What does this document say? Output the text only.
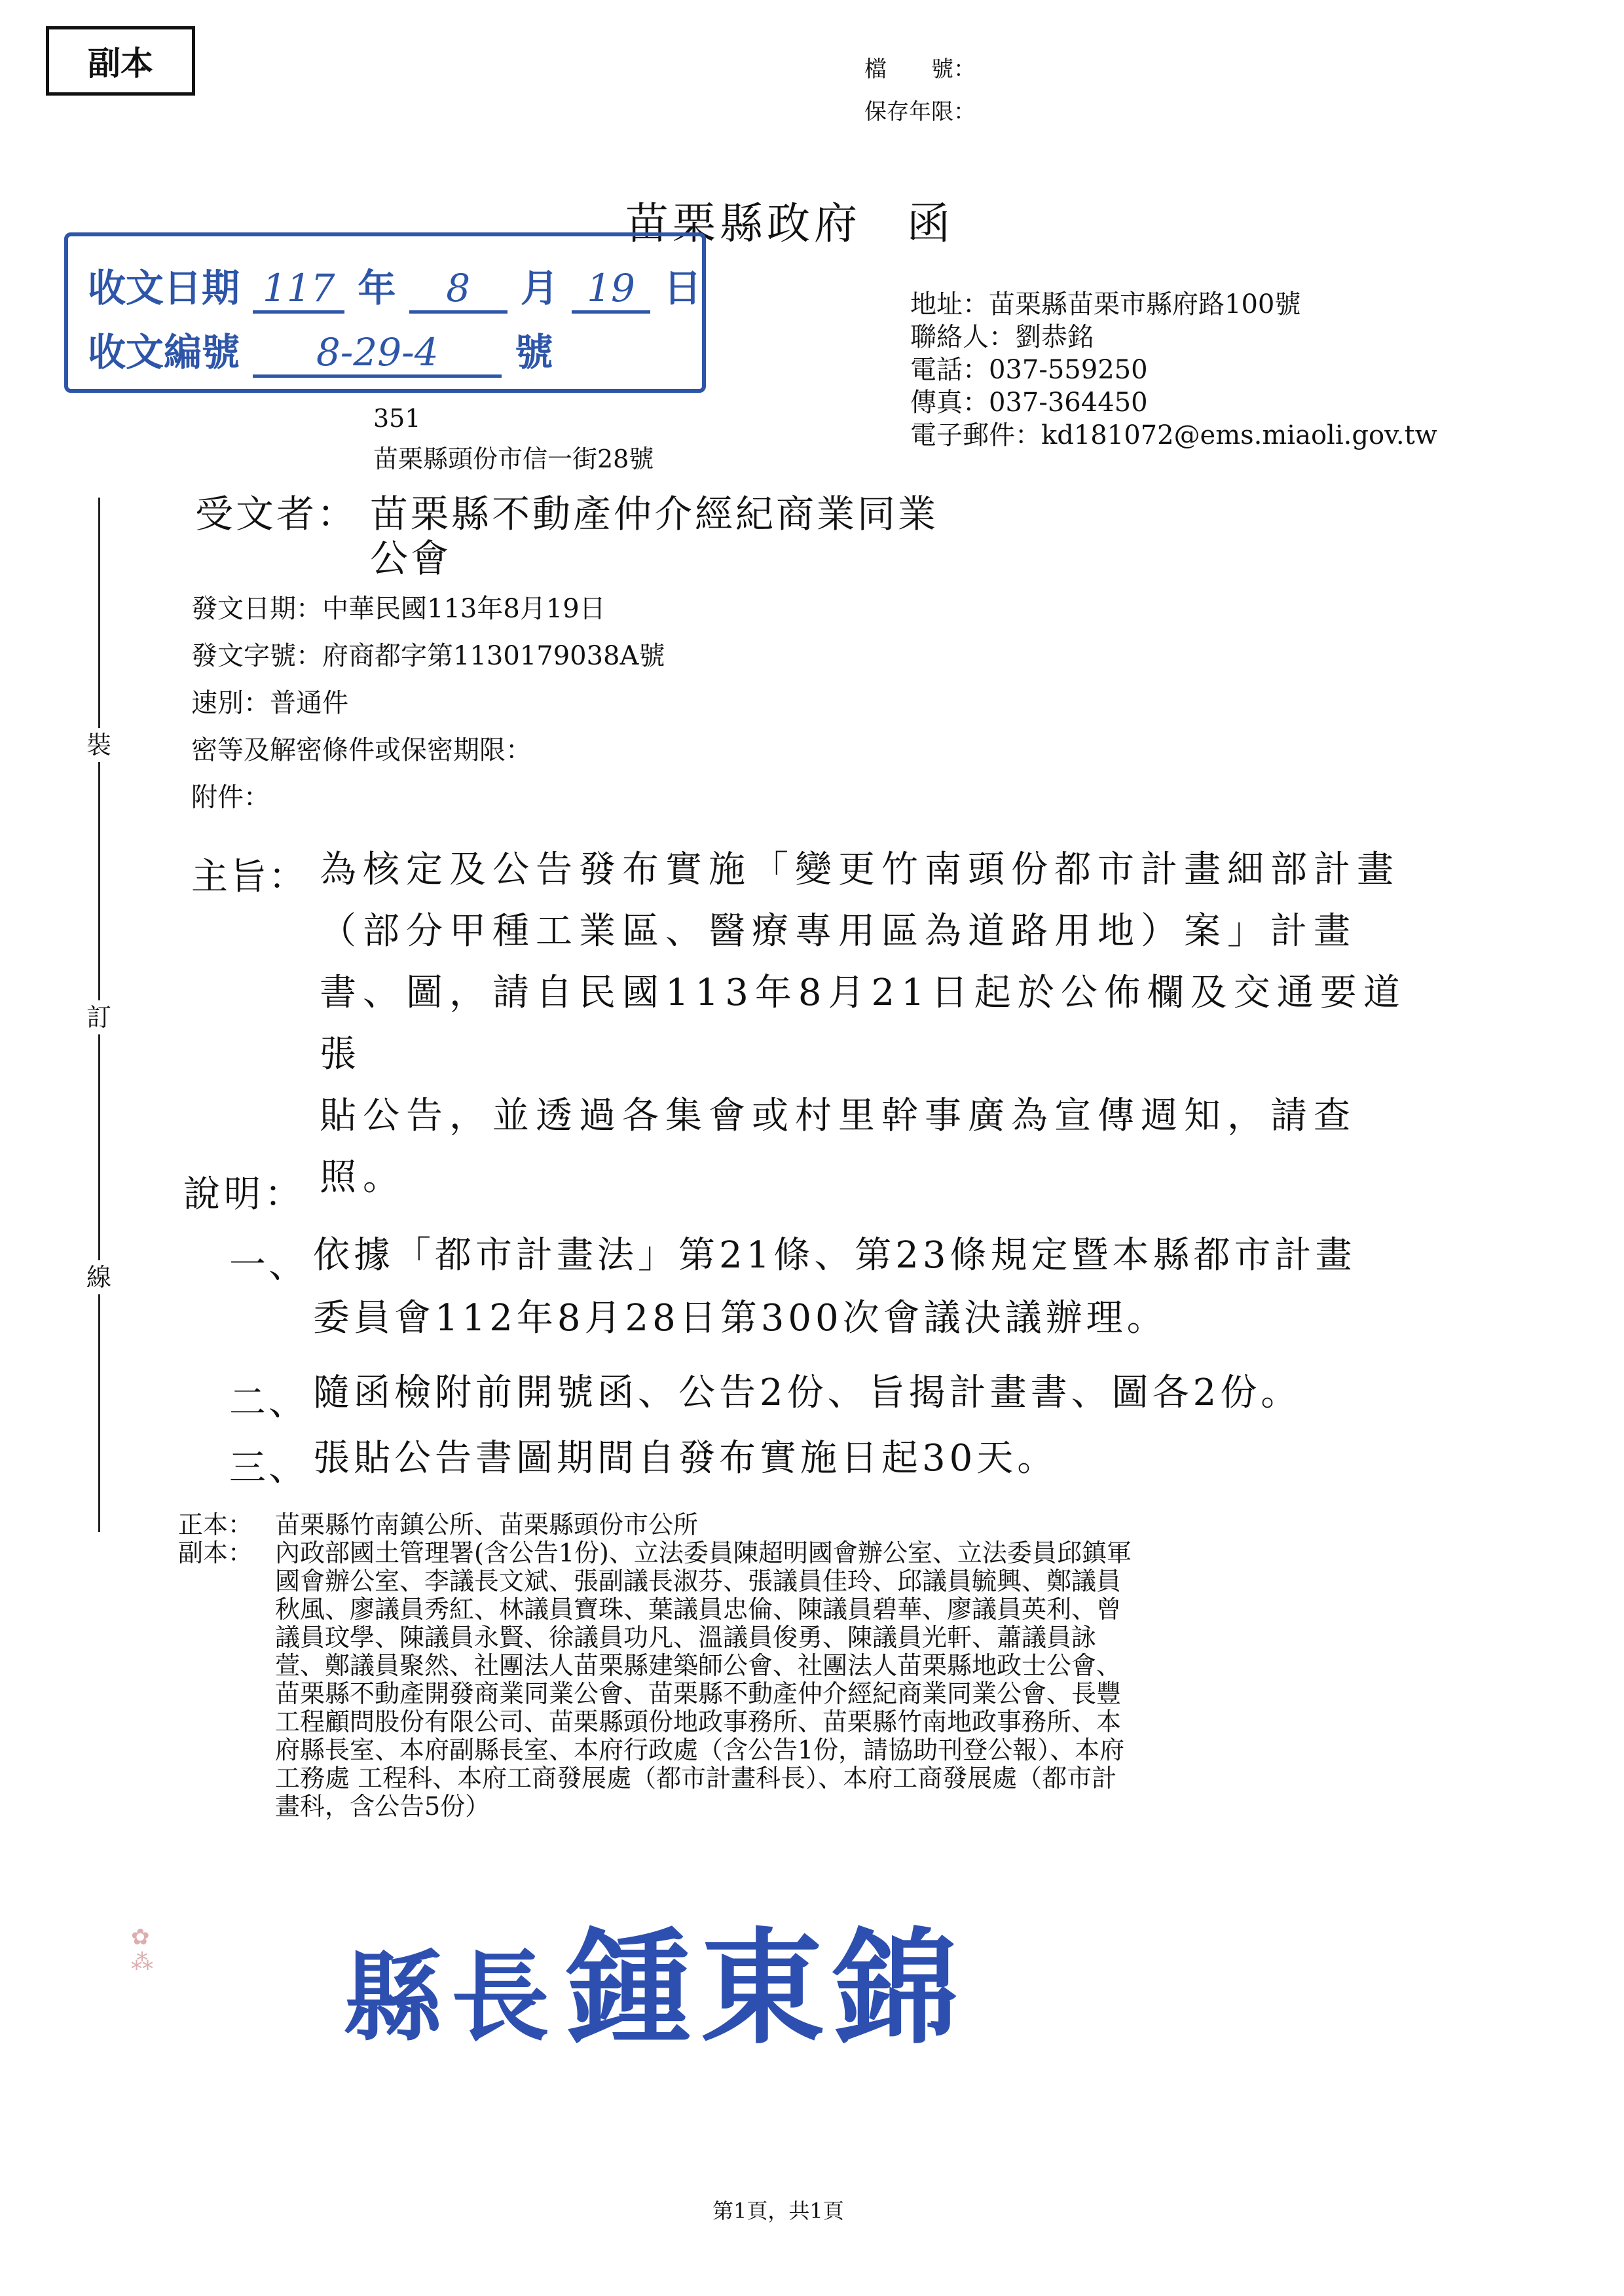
副本	檔　　號：
保存年限：
苗栗縣政府 函
收文日期 117 年 8 月 19 日
收文編號 8-29-4 號
地址：苗栗縣苗栗市縣府路100號
聯絡人：劉恭銘
電話：037-559250
傳真：037-364450
電子郵件：kd181072@ems.miaoli.gov.tw
351
苗栗縣頭份市信一街28號
受文者： 苗栗縣不動產仲介經紀商業同業
公會
發文日期：中華民國113年8月19日
發文字號：府商都字第1130179038A號
速別：普通件
密等及解密條件或保密期限：
附件：
裝
訂
線
主旨： 為核定及公告發布實施「變更竹南頭份都市計畫細部計畫
（部分甲種工業區、醫療專用區為道路用地）案」計畫
書、圖，請自民國113年8月21日起於公佈欄及交通要道張
貼公告，並透過各集會或村里幹事廣為宣傳週知，請查
照。
說明：
一、 依據「都市計畫法」第21條、第23條規定暨本縣都市計畫
委員會112年8月28日第300次會議決議辦理。
二、 隨函檢附前開號函、公告2份、旨揭計畫書、圖各2份。
三、 張貼公告書圖期間自發布實施日起30天。
正本： 苗栗縣竹南鎮公所、苗栗縣頭份市公所
副本： 內政部國土管理署(含公告1份)、立法委員陳超明國會辦公室、立法委員邱鎮軍
國會辦公室、李議長文斌、張副議長淑芬、張議員佳玲、邱議員毓興、鄭議員
秋風、廖議員秀紅、林議員寶珠、葉議員忠倫、陳議員碧華、廖議員英利、曾
議員玟學、陳議員永賢、徐議員功凡、溫議員俊勇、陳議員光軒、蕭議員詠
萱、鄭議員聚然、社團法人苗栗縣建築師公會、社團法人苗栗縣地政士公會、
苗栗縣不動產開發商業同業公會、苗栗縣不動產仲介經紀商業同業公會、長豐
工程顧問股份有限公司、苗栗縣頭份地政事務所、苗栗縣竹南地政事務所、本
府縣長室、本府副縣長室、本府行政處（含公告1份，請協助刊登公報）、本府
工務處 工程科、本府工商發展處（都市計畫科長）、本府工商發展處（都市計
畫科，含公告5份）
✿
⁂ 縣長鍾東錦
第1頁，共1頁
